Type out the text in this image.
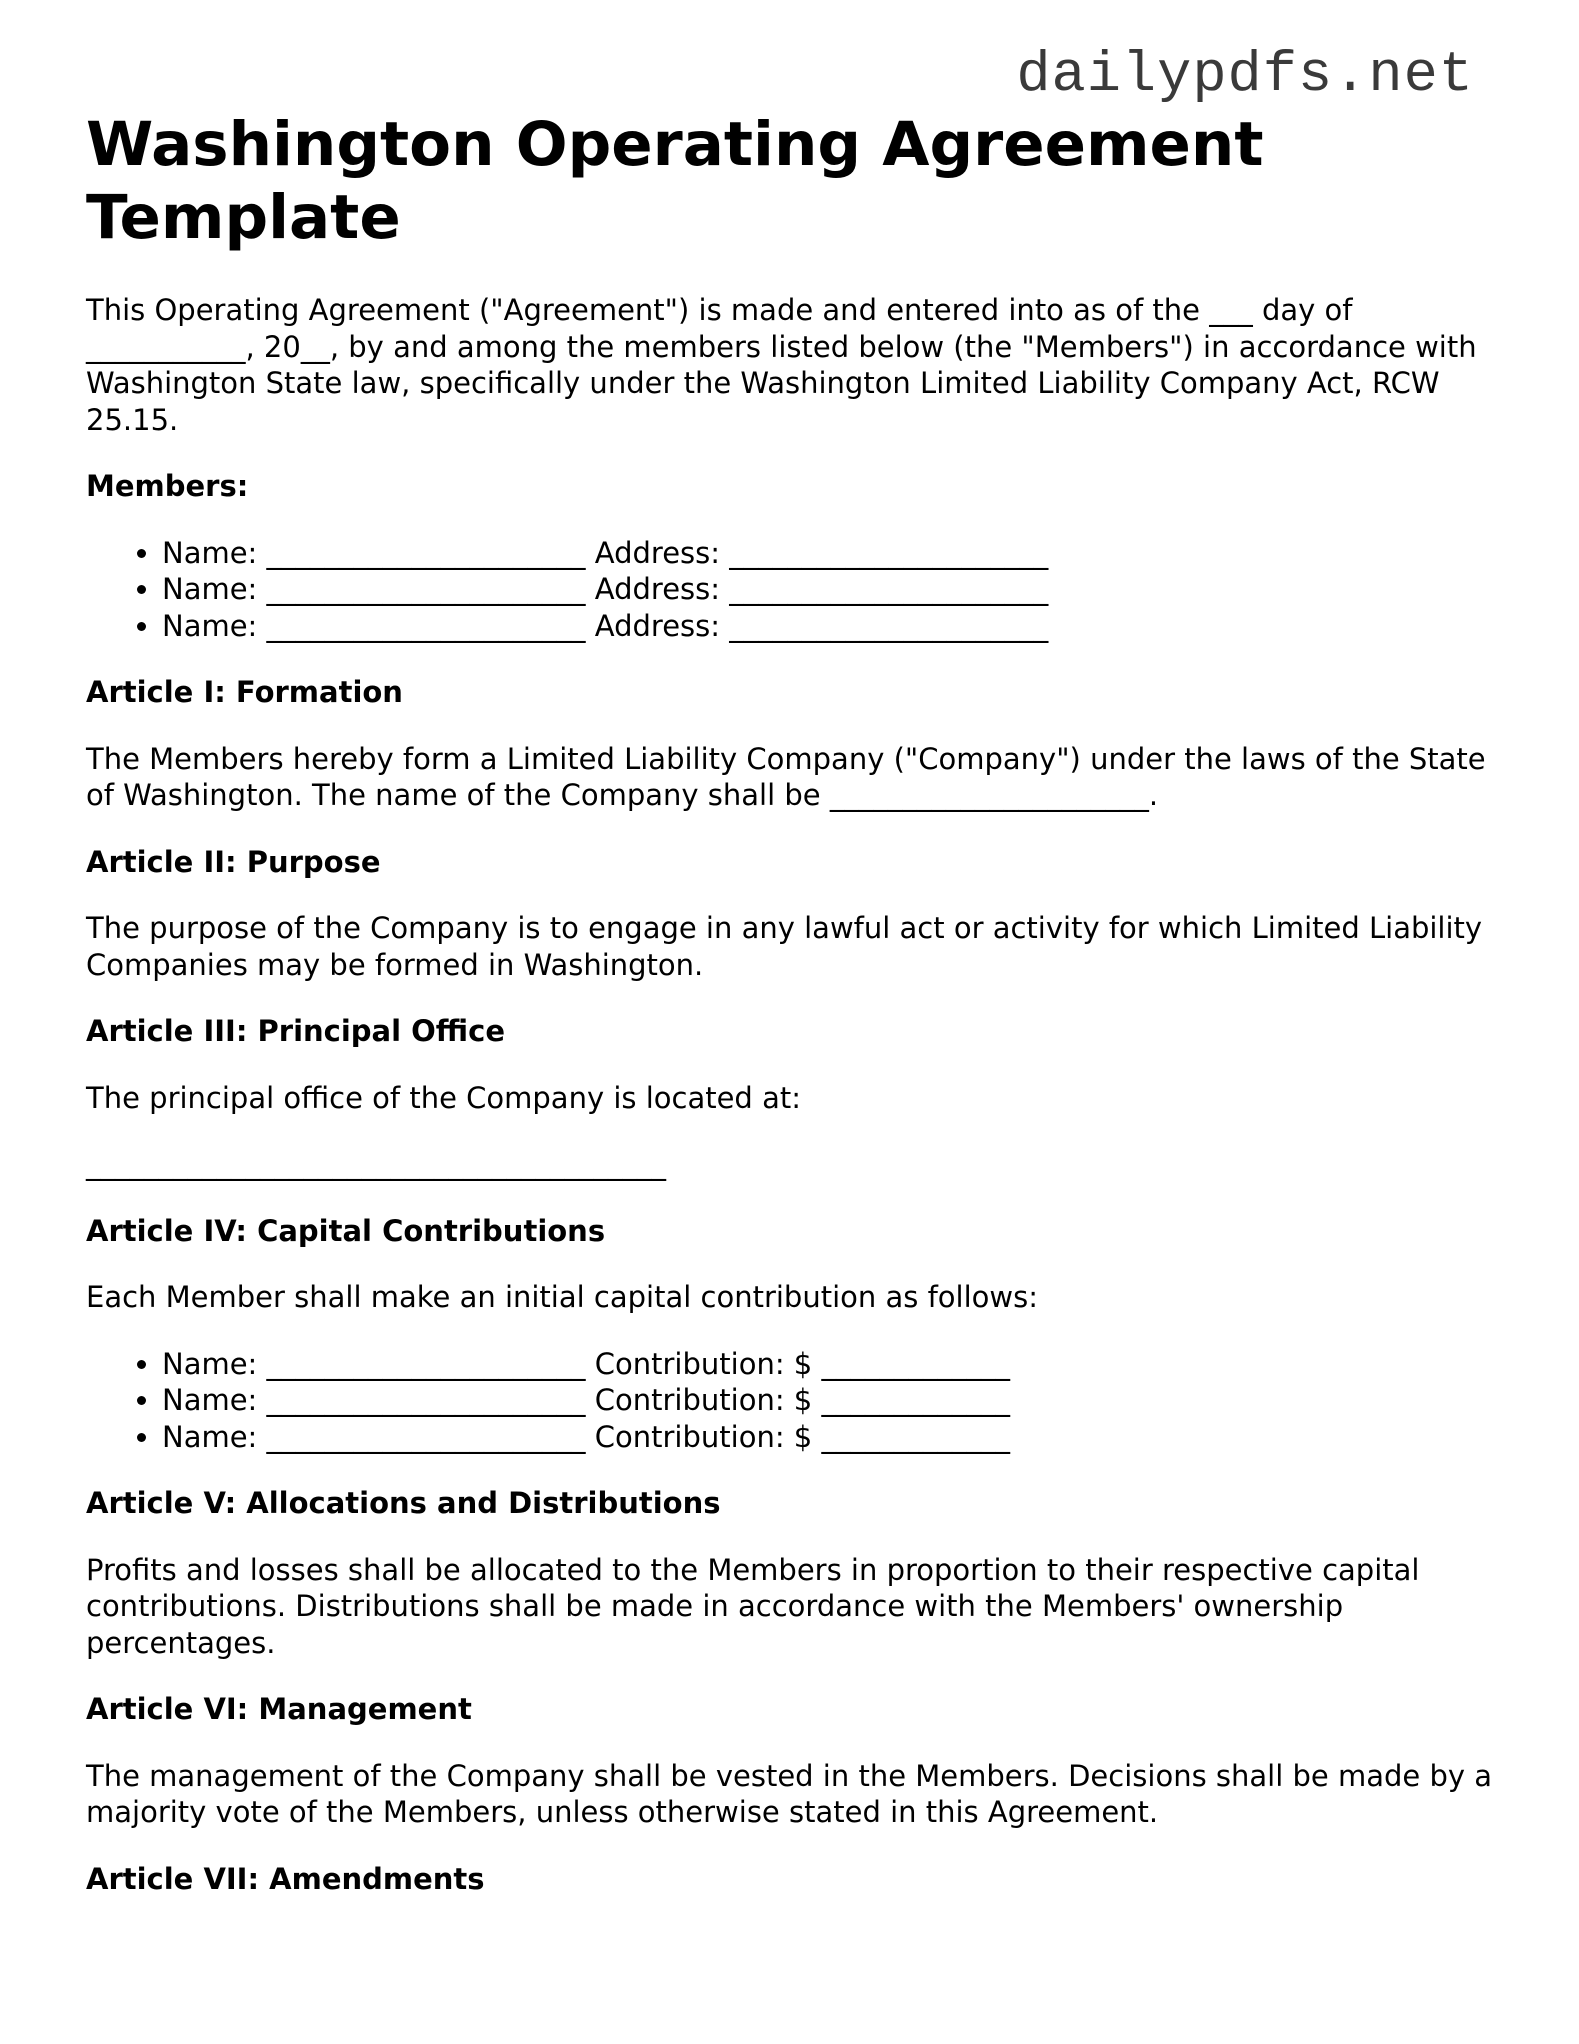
dailypdfs.net
Washington Operating Agreement Template

This Operating Agreement ("Agreement") is made and entered into as of the ___ day of ___________, 20__, by and among the members listed below (the "Members") in accordance with Washington State law, specifically under the Washington Limited Liability Company Act, RCW 25.15.

Members:
• Name: ______________________ Address: ______________________
• Name: ______________________ Address: ______________________
• Name: ______________________ Address: ______________________
Article I: Formation

The Members hereby form a Limited Liability Company ("Company") under the laws of the State of Washington. The name of the Company shall be ______________________.

Article II: Purpose

The purpose of the Company is to engage in any lawful act or activity for which Limited Liability Companies may be formed in Washington.

Article III: Principal Office

The principal office of the Company is located at:

________________________________________

Article IV: Capital Contributions

Each Member shall make an initial capital contribution as follows:

• Name: ______________________ Contribution: $ _____________
• Name: ______________________ Contribution: $ _____________
• Name: ______________________ Contribution: $ _____________
Article V: Allocations and Distributions

Profits and losses shall be allocated to the Members in proportion to their respective capital contributions. Distributions shall be made in accordance with the Members' ownership percentages.

Article VI: Management

The management of the Company shall be vested in the Members. Decisions shall be made by a majority vote of the Members, unless otherwise stated in this Agreement.

Article VII: Amendments
